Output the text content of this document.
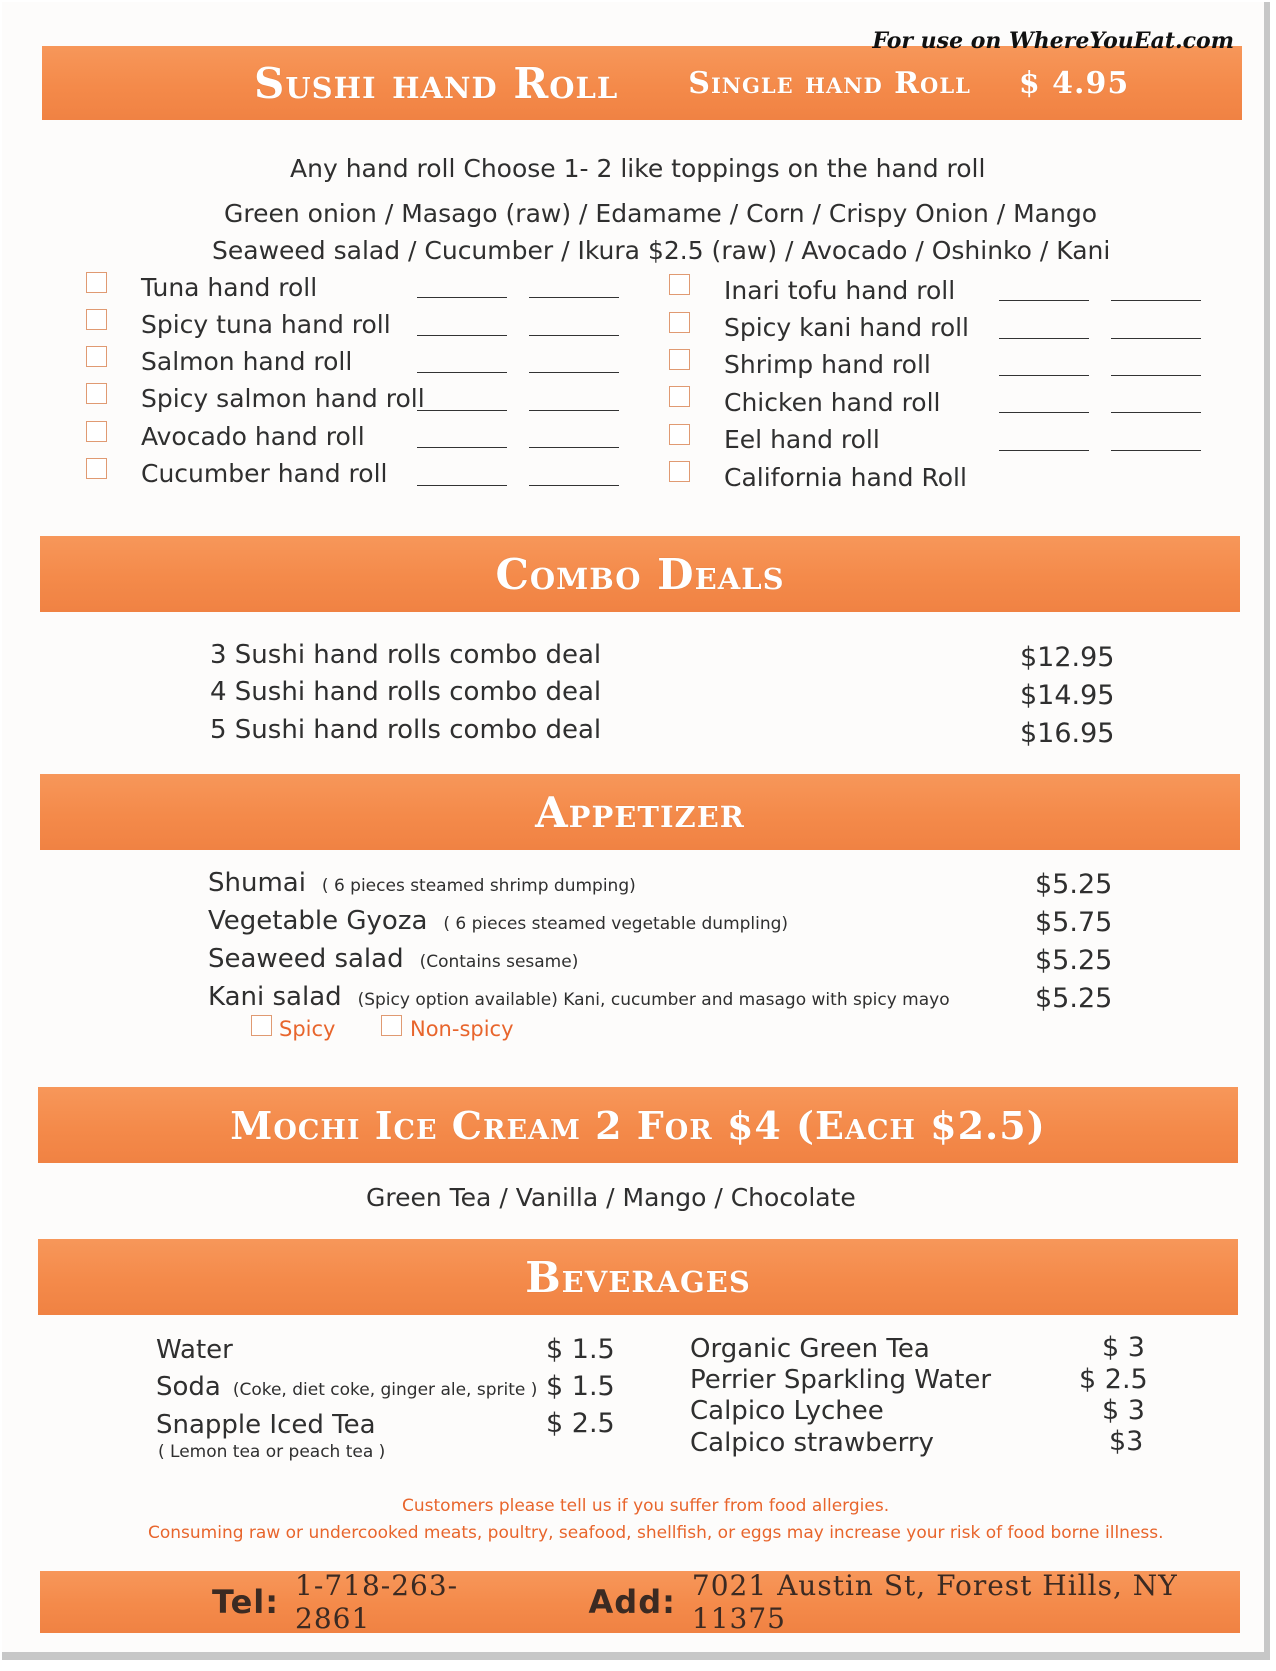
For use on WhereYouEat.com
Sushi hand Roll Single hand Roll $ 4.95
Any hand roll Choose 1- 2 like toppings on the hand roll
Green onion / Masago (raw) / Edamame / Corn / Crispy Onion / Mango
Seaweed salad / Cucumber / Ikura $2.5 (raw) / Avocado / Oshinko / Kani
Tuna hand roll
Spicy tuna hand roll
Salmon hand roll
Spicy salmon hand roll
Avocado hand roll
Cucumber hand roll
Inari tofu hand roll
Spicy kani hand roll
Shrimp hand roll
Chicken hand roll
Eel hand roll
California hand Roll
Combo Deals
3 Sushi hand rolls combo deal	$12.95
4 Sushi hand rolls combo deal	$14.95
5 Sushi hand rolls combo deal	$16.95
Appetizer
Shumai ( 6 pieces steamed shrimp dumping)	$5.25
Vegetable Gyoza ( 6 pieces steamed vegetable dumpling)	$5.75
Seaweed salad (Contains sesame)	$5.25
Kani salad (Spicy option available) Kani, cucumber and masago with spicy mayo	$5.25
Spicy	Non-spicy
Mochi Ice Cream 2 For $4 (Each $2.5)
Green Tea / Vanilla / Mango / Chocolate
Beverages
Water	$ 1.5
Soda (Coke, diet coke, ginger ale, sprite ) $ 1.5
Snapple Iced Tea	$ 2.5
( Lemon tea or peach tea )
Organic Green Tea	$ 3
Perrier Sparkling Water	$ 2.5
Calpico Lychee	$ 3
Calpico strawberry	$3
Customers please tell us if you suffer from food allergies.
Consuming raw or undercooked meats, poultry, seafood, shellfish, or eggs may increase your risk of food borne illness.
Tel: 1-718-263-2861	Add: 7021 Austin St, Forest Hills, NY 11375
